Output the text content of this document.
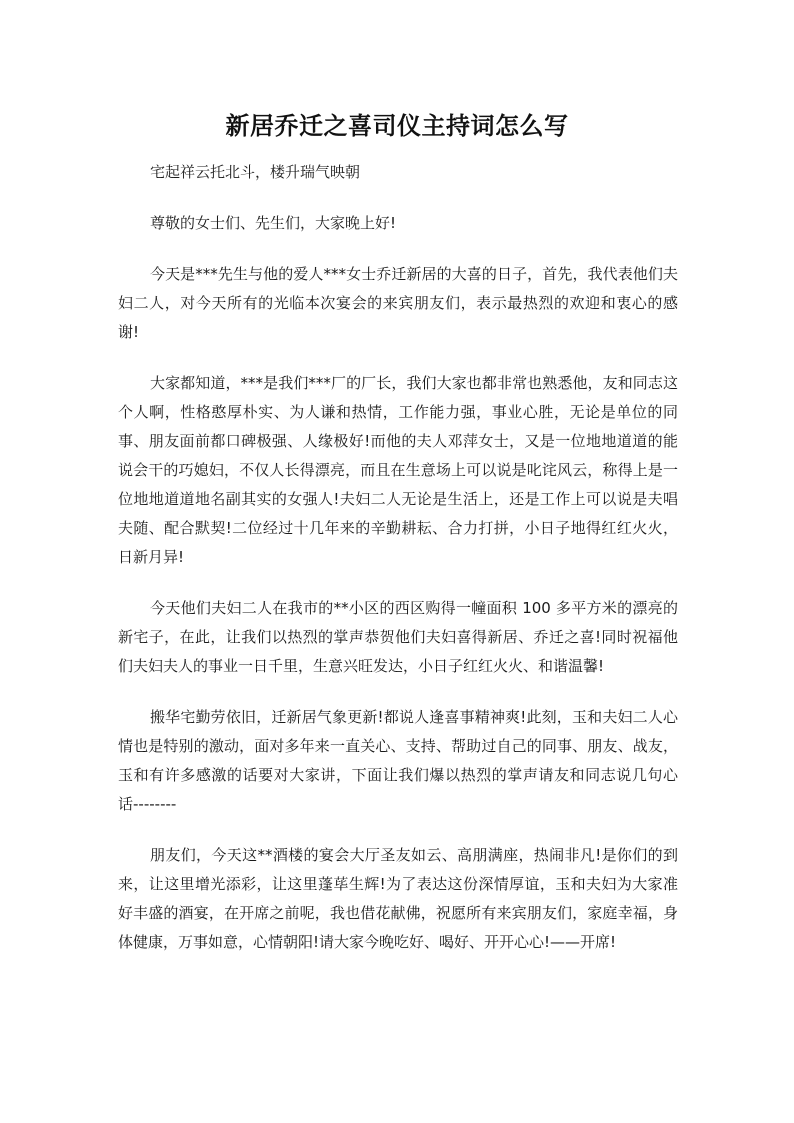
新居乔迁之喜司仪主持词怎么写

宅起祥云托北斗，楼升瑞气映朝

尊敬的女士们、先生们，大家晚上好!

今天是***先生与他的爱人***女士乔迁新居的大喜的日子，首先，我代表他们夫妇二人，对今天所有的光临本次宴会的来宾朋友们，表示最热烈的欢迎和衷心的感谢!

大家都知道，***是我们***厂的厂长，我们大家也都非常也熟悉他，友和同志这个人啊，性格憨厚朴实、为人谦和热情，工作能力强，事业心胜，无论是单位的同事、朋友面前都口碑极强、人缘极好!而他的夫人邓萍女士，又是一位地地道道的能说会干的巧媳妇，不仅人长得漂亮，而且在生意场上可以说是叱诧风云，称得上是一位地地道道地名副其实的女强人!夫妇二人无论是生活上，还是工作上可以说是夫唱夫随、配合默契!二位经过十几年来的辛勤耕耘、合力打拼，小日子地得红红火火，日新月异!

今天他们夫妇二人在我市的**小区的西区购得一幢面积 100 多平方米的漂亮的新宅子，在此，让我们以热烈的掌声恭贺他们夫妇喜得新居、乔迁之喜!同时祝福他们夫妇夫人的事业一日千里，生意兴旺发达，小日子红红火火、和谐温馨!

搬华宅勤劳依旧，迁新居气象更新!都说人逢喜事精神爽!此刻，玉和夫妇二人心情也是特别的激动，面对多年来一直关心、支持、帮助过自己的同事、朋友、战友，玉和有许多感激的话要对大家讲，下面让我们爆以热烈的掌声请友和同志说几句心话--------

朋友们，今天这**酒楼的宴会大厅圣友如云、高朋满座，热闹非凡!是你们的到来，让这里增光添彩，让这里蓬荜生辉!为了表达这份深情厚谊，玉和夫妇为大家准好丰盛的酒宴，在开席之前呢，我也借花献佛，祝愿所有来宾朋友们，家庭幸福，身体健康，万事如意，心情朝阳!请大家今晚吃好、喝好、开开心心!——开席!
